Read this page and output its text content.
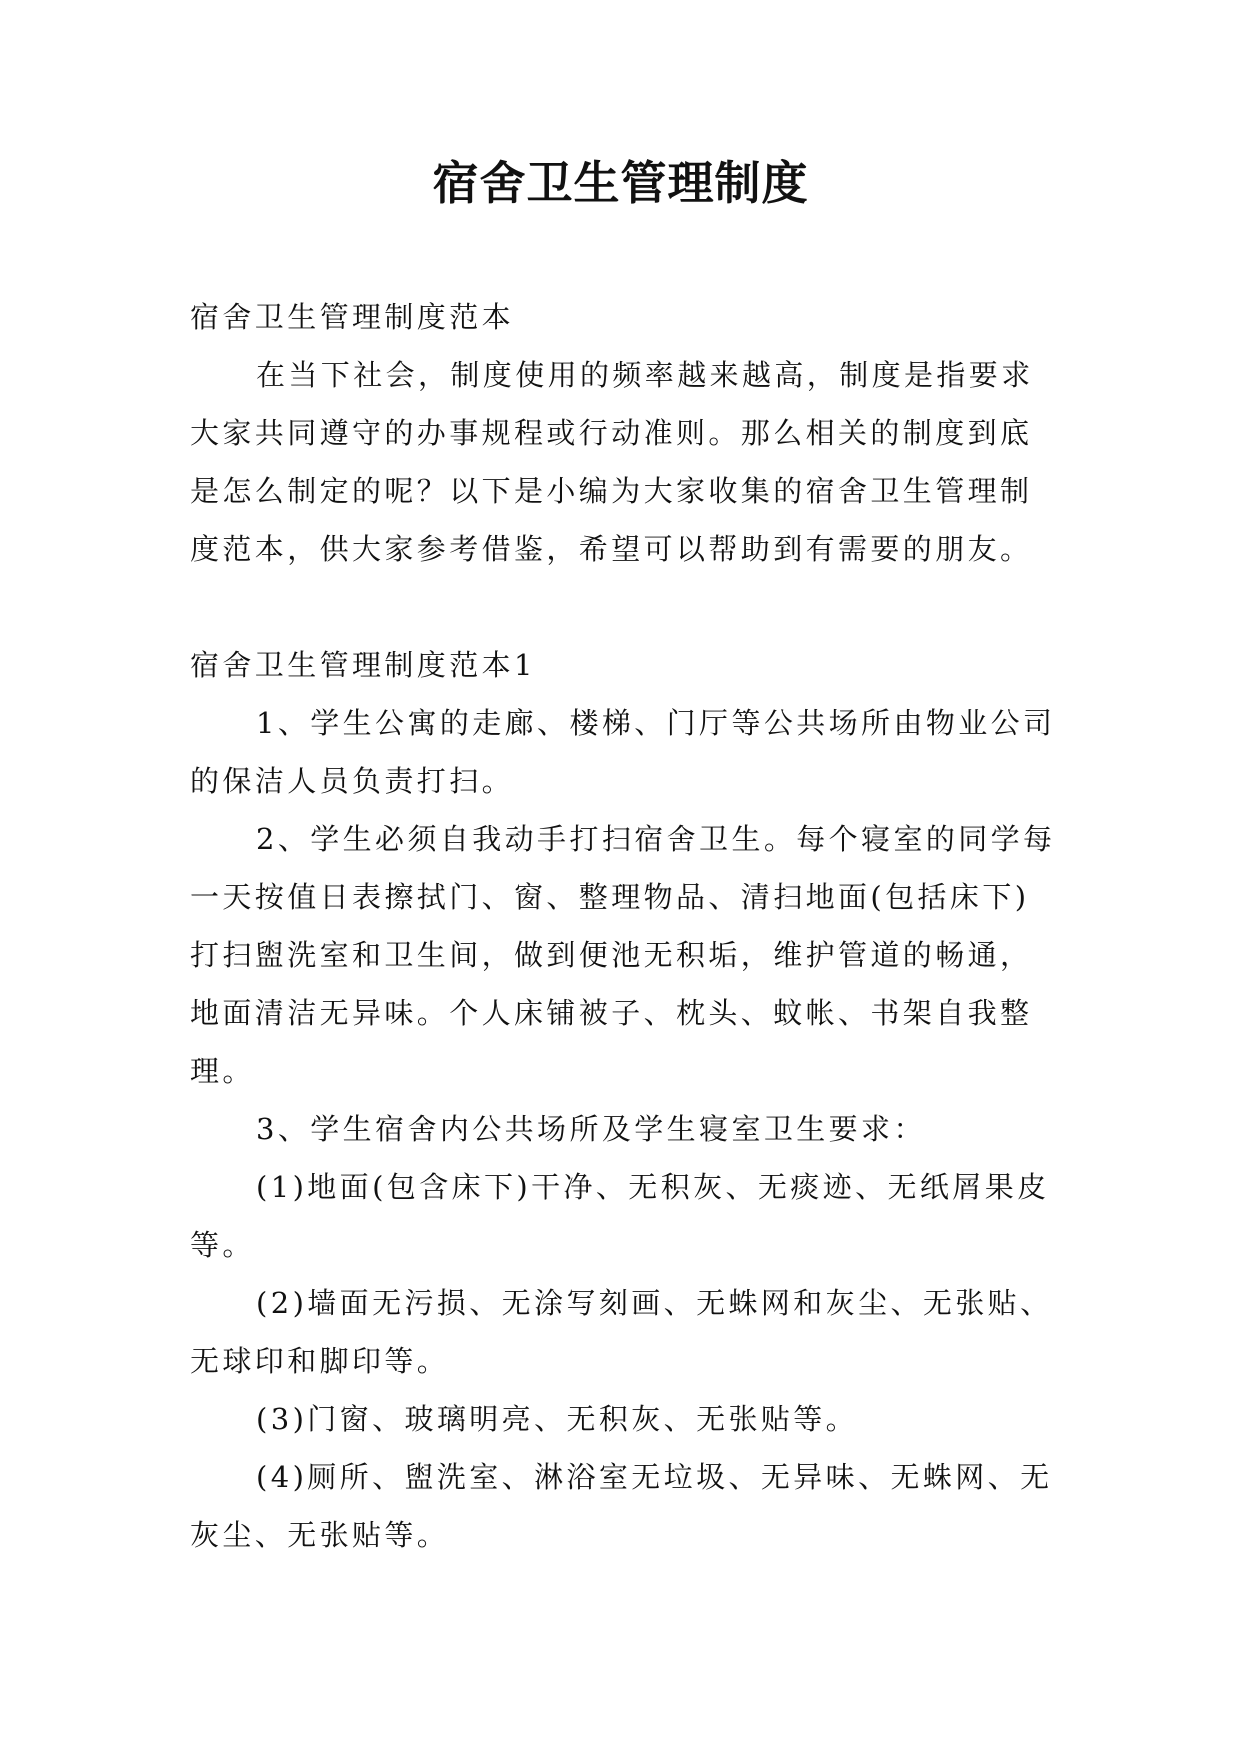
宿舍卫生管理制度

宿舍卫生管理制度范本

在当下社会，制度使用的频率越来越高，制度是指要求大家共同遵守的办事规程或行动准则。那么相关的制度到底是怎么制定的呢？以下是小编为大家收集的宿舍卫生管理制度范本，供大家参考借鉴，希望可以帮助到有需要的朋友。

宿舍卫生管理制度范本1

1、学生公寓的走廊、楼梯、门厅等公共场所由物业公司的保洁人员负责打扫。

2、学生必须自我动手打扫宿舍卫生。每个寝室的同学每一天按值日表擦拭门、窗、整理物品、清扫地面(包括床下)打扫盥洗室和卫生间，做到便池无积垢，维护管道的畅通，地面清洁无异味。个人床铺被子、枕头、蚊帐、书架自我整理。

3、学生宿舍内公共场所及学生寝室卫生要求：

(1)地面(包含床下)干净、无积灰、无痰迹、无纸屑果皮等。

(2)墙面无污损、无涂写刻画、无蛛网和灰尘、无张贴、无球印和脚印等。

(3)门窗、玻璃明亮、无积灰、无张贴等。

(4)厕所、盥洗室、淋浴室无垃圾、无异味、无蛛网、无灰尘、无张贴等。
